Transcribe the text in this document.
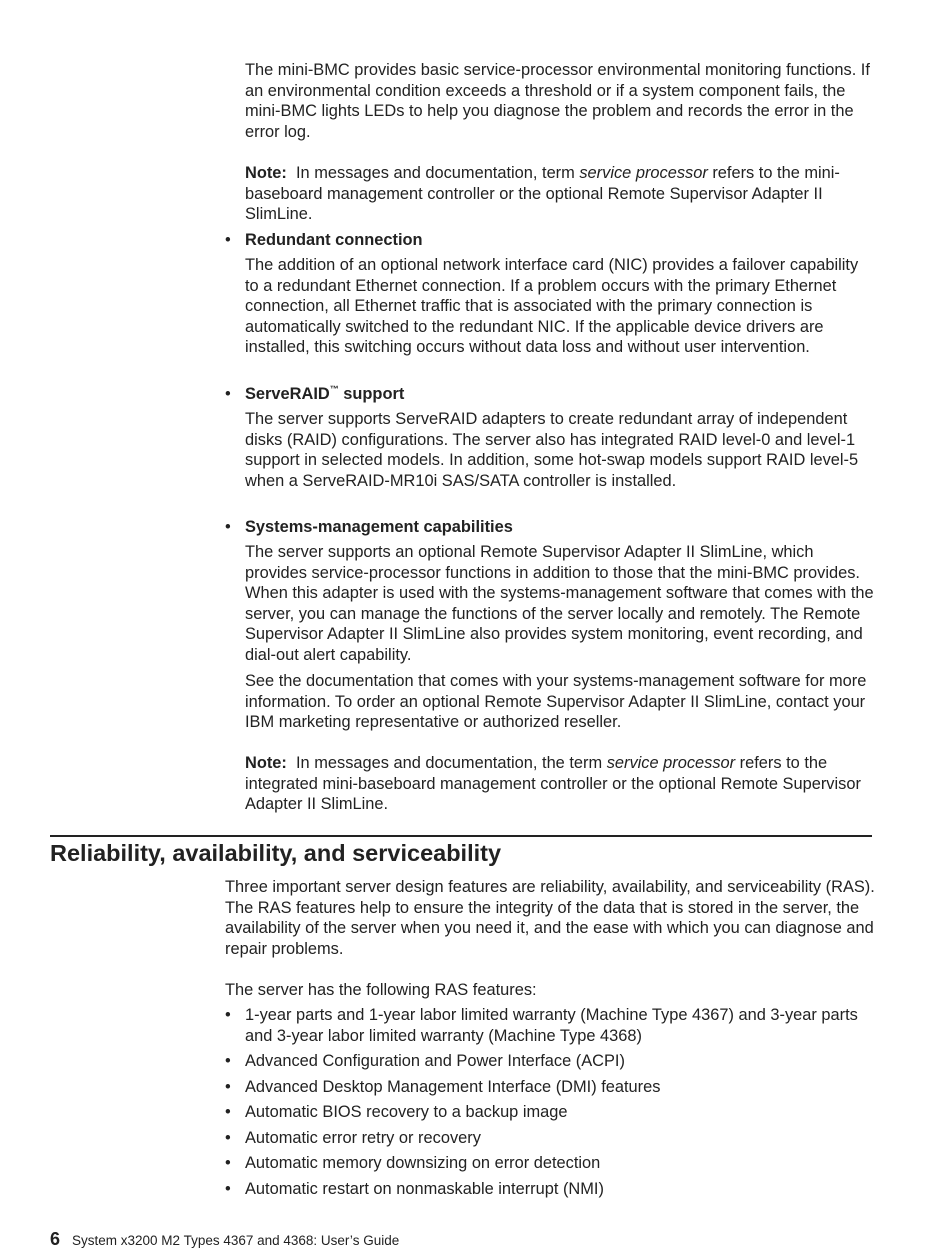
The mini-BMC provides basic service-processor environmental monitoring functions. If an environmental condition exceeds a threshold or if a system component fails, the mini-BMC lights LEDs to help you diagnose the problem and records the error in the error log.

Note: In messages and documentation, term service processor refers to the mini-baseboard management controller or the optional Remote Supervisor Adapter II SlimLine.

• Redundant connection

The addition of an optional network interface card (NIC) provides a failover capability to a redundant Ethernet connection. If a problem occurs with the primary Ethernet connection, all Ethernet traffic that is associated with the primary connection is automatically switched to the redundant NIC. If the applicable device drivers are installed, this switching occurs without data loss and without user intervention.

• ServeRAID™ support

The server supports ServeRAID adapters to create redundant array of independent disks (RAID) configurations. The server also has integrated RAID level-0 and level-1 support in selected models. In addition, some hot-swap models support RAID level-5 when a ServeRAID-MR10i SAS/SATA controller is installed.

• Systems-management capabilities

The server supports an optional Remote Supervisor Adapter II SlimLine, which provides service-processor functions in addition to those that the mini-BMC provides. When this adapter is used with the systems-management software that comes with the server, you can manage the functions of the server locally and remotely. The Remote Supervisor Adapter II SlimLine also provides system monitoring, event recording, and dial-out alert capability.

See the documentation that comes with your systems-management software for more information. To order an optional Remote Supervisor Adapter II SlimLine, contact your IBM marketing representative or authorized reseller.

Note: In messages and documentation, the term service processor refers to the integrated mini-baseboard management controller or the optional Remote Supervisor Adapter II SlimLine.

Reliability, availability, and serviceability

Three important server design features are reliability, availability, and serviceability (RAS). The RAS features help to ensure the integrity of the data that is stored in the server, the availability of the server when you need it, and the ease with which you can diagnose and repair problems.

The server has the following RAS features:
• 1-year parts and 1-year labor limited warranty (Machine Type 4367) and 3-year parts and 3-year labor limited warranty (Machine Type 4368)
• Advanced Configuration and Power Interface (ACPI)
• Advanced Desktop Management Interface (DMI) features
• Automatic BIOS recovery to a backup image
• Automatic error retry or recovery
• Automatic memory downsizing on error detection
• Automatic restart on nonmaskable interrupt (NMI)
6 System x3200 M2 Types 4367 and 4368: User’s Guide
